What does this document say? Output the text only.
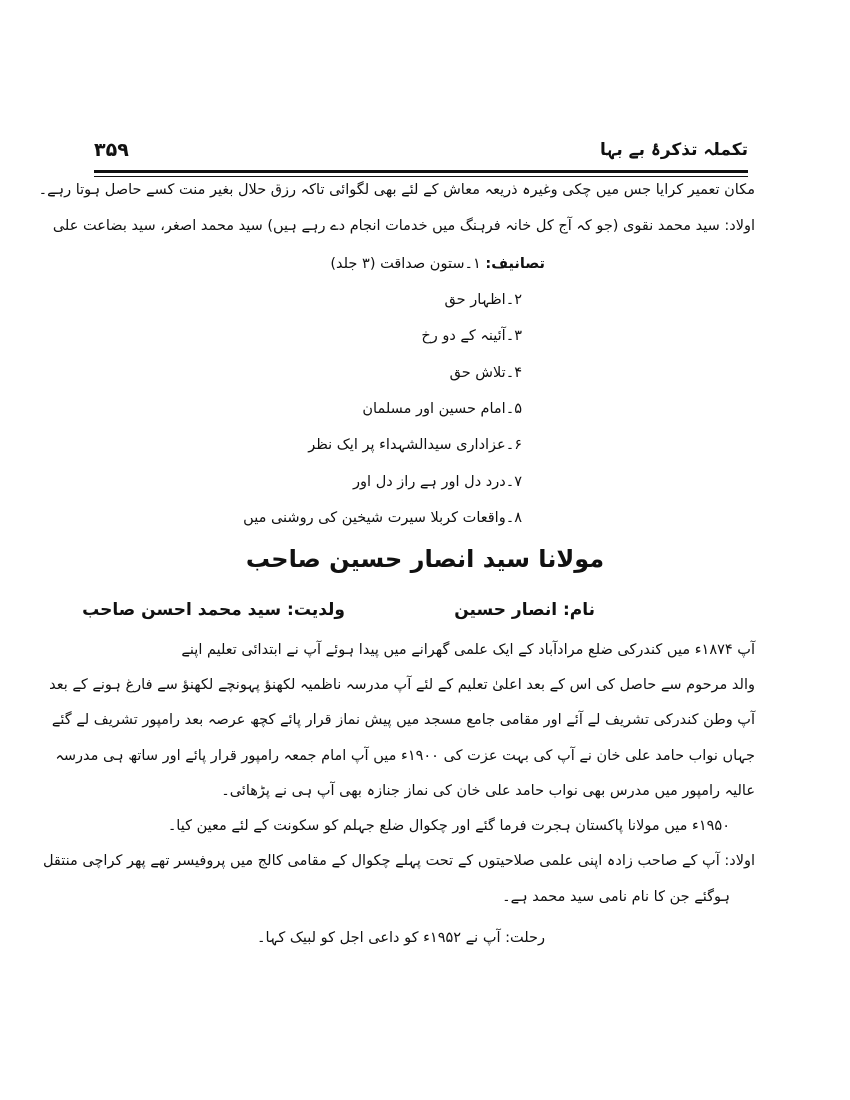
۳۵۹	تکملہ تذکرۂ بے بہا
مکان تعمیر کرایا جس میں چکی وغیرہ ذریعہ معاش کے لئے بھی لگوائی تاکہ رزق حلال بغیر منت کسے حاصل ہوتا رہے۔
اولاد: سید محمد نقوی (جو کہ آج کل خانہ فرہنگ میں خدمات انجام دے رہے ہیں) سید محمد اصغر، سید بضاعت علی
تصانیف: ۱۔ستون صداقت (۳ جلد)
۲۔اظہار حق
۳۔آئینہ کے دو رخ
۴۔تلاش حق
۵۔امام حسین اور مسلمان
۶۔عزاداری سیدالشہداء پر ایک نظر
۷۔درد دل اور ہے راز دل اور
۸۔واقعات کربلا سیرت شیخین کی روشنی میں
مولانا سید انصار حسین صاحب
نام: انصار حسین
ولدیت: سید محمد احسن صاحب
آپ ۱۸۷۴ء میں کندرکی ضلع مرادآباد کے ایک علمی گھرانے میں پیدا ہوئے آپ نے ابتدائی تعلیم اپنے
والد مرحوم سے حاصل کی اس کے بعد اعلیٰ تعلیم کے لئے آپ مدرسہ ناظمیہ لکھنؤ پہونچے لکھنؤ سے فارغ ہونے کے بعد
آپ وطن کندرکی تشریف لے آئے اور مقامی جامع مسجد میں پیش نماز قرار پائے کچھ عرصہ بعد رامپور تشریف لے گئے
جہاں نواب حامد علی خان نے آپ کی بہت عزت کی ۱۹۰۰ء میں آپ امام جمعہ رامپور قرار پائے اور ساتھ ہی مدرسہ
عالیہ رامپور میں مدرس بھی نواب حامد علی خان کی نماز جنازہ بھی آپ ہی نے پڑھائی۔
۱۹۵۰ء میں مولانا پاکستان ہجرت فرما گئے اور چکوال ضلع جہلم کو سکونت کے لئے معین کیا۔
اولاد: آپ کے صاحب زادہ اپنی علمی صلاحیتوں کے تحت پہلے چکوال کے مقامی کالج میں پروفیسر تھے پھر کراچی منتقل
ہوگئے جن کا نام نامی سید محمد ہے۔
رحلت: آپ نے ۱۹۵۲ء کو داعی اجل کو لبیک کہا۔
